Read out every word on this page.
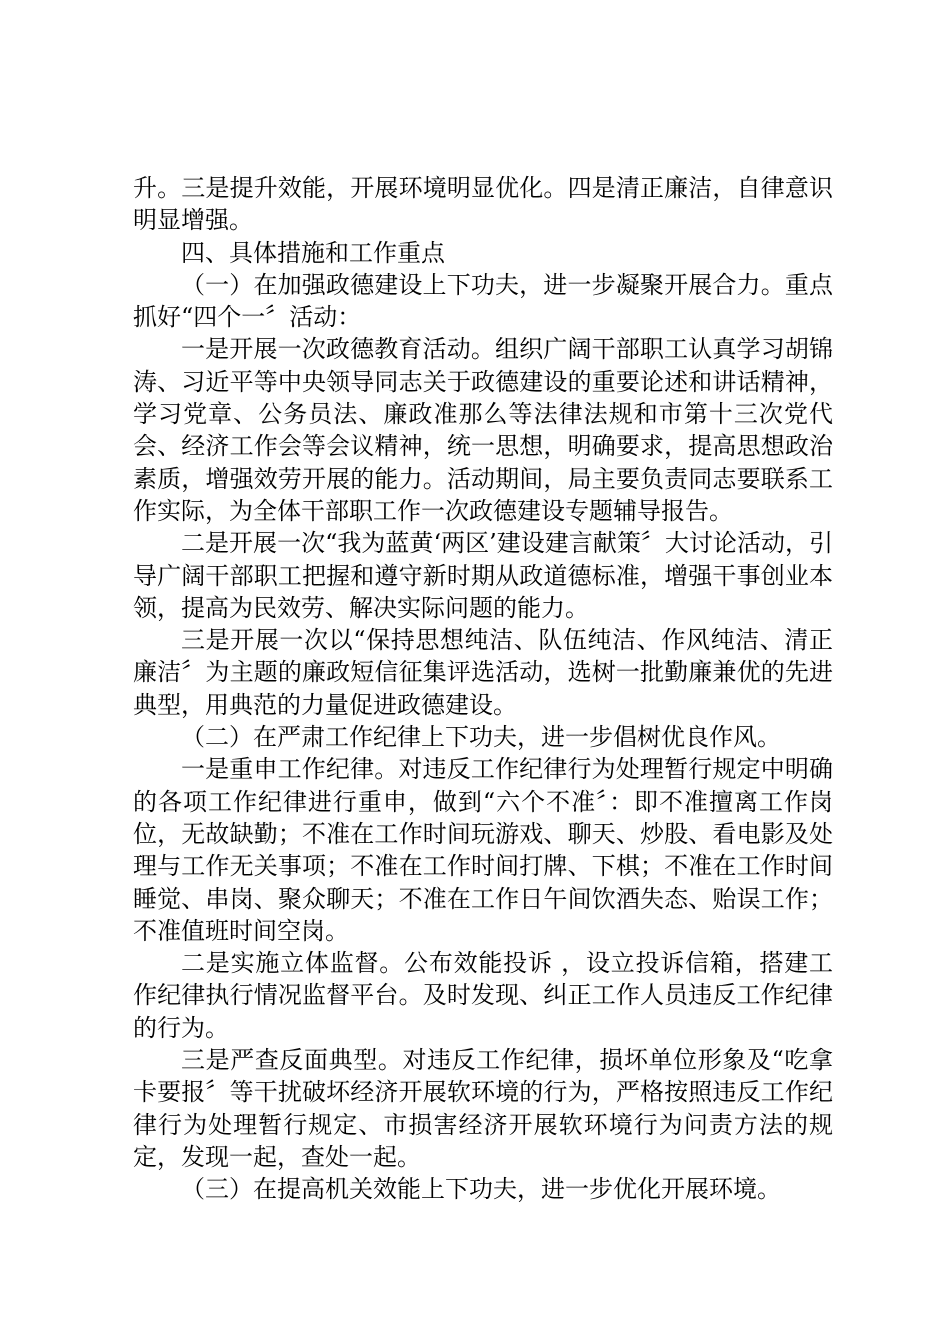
升。三是提升效能，开展环境明显优化。四是清正廉洁，自律意识明显增强。

四、具体措施和工作重点

（一）在加强政德建设上下功夫，进一步凝聚开展合力。重点抓好“四个一〞活动：

一是开展一次政德教育活动。组织广阔干部职工认真学习胡锦涛、习近平等中央领导同志关于政德建设的重要论述和讲话精神，学习党章、公务员法、廉政准那么等法律法规和市第十三次党代会、经济工作会等会议精神，统一思想，明确要求，提高思想政治素质，增强效劳开展的能力。活动期间，局主要负责同志要联系工作实际，为全体干部职工作一次政德建设专题辅导报告。

二是开展一次“我为蓝黄‘两区’建设建言献策〞大讨论活动，引导广阔干部职工把握和遵守新时期从政道德标准，增强干事创业本领，提高为民效劳、解决实际问题的能力。

三是开展一次以“保持思想纯洁、队伍纯洁、作风纯洁、清正廉洁〞为主题的廉政短信征集评选活动，选树一批勤廉兼优的先进典型，用典范的力量促进政德建设。

（二）在严肃工作纪律上下功夫，进一步倡树优良作风。

一是重申工作纪律。对违反工作纪律行为处理暂行规定中明确的各项工作纪律进行重申，做到“六个不准〞：即不准擅离工作岗位，无故缺勤；不准在工作时间玩游戏、聊天、炒股、看电影及处理与工作无关事项；不准在工作时间打牌、下棋；不准在工作时间睡觉、串岗、聚众聊天；不准在工作日午间饮酒失态、贻误工作；不准值班时间空岗。

二是实施立体监督。公布效能投诉 ，设立投诉信箱，搭建工作纪律执行情况监督平台。及时发现、纠正工作人员违反工作纪律的行为。

三是严查反面典型。对违反工作纪律，损坏单位形象及“吃拿卡要报〞等干扰破坏经济开展软环境的行为，严格按照违反工作纪律行为处理暂行规定、市损害经济开展软环境行为问责方法的规定，发现一起，查处一起。

（三）在提高机关效能上下功夫，进一步优化开展环境。
